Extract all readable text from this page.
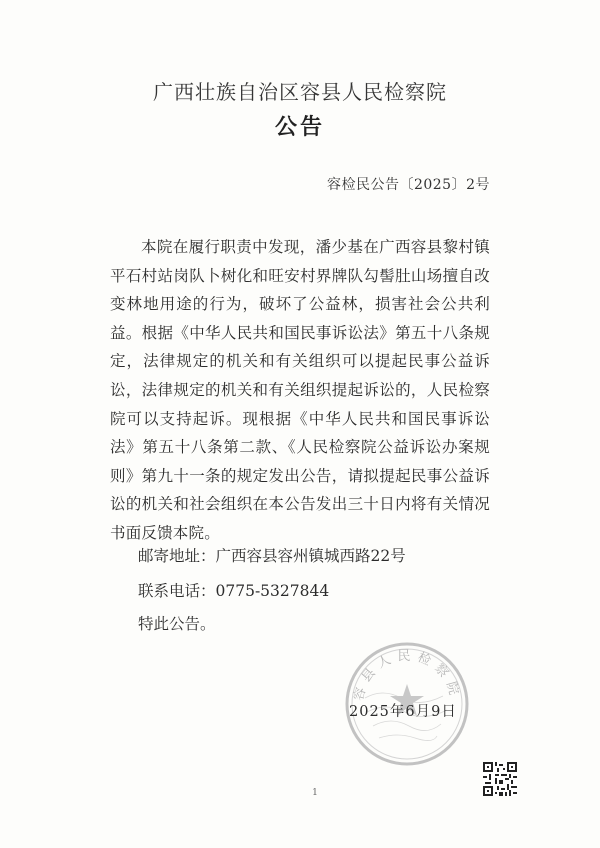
广西壮族自治区容县人民检察院
公告
容检民公告〔2025〕2号
本院在履行职责中发现，潘少基在广西容县黎村镇平石村站岗队卜树化和旺安村界牌队勾髻肚山场擅自改变林地用途的行为，破坏了公益林，损害社会公共利益。根据《中华人民共和国民事诉讼法》第五十八条规定，法律规定的机关和有关组织可以提起民事公益诉讼，法律规定的机关和有关组织提起诉讼的，人民检察院可以支持起诉。现根据《中华人民共和国民事诉讼法》第五十八条第二款、《人民检察院公益诉讼办案规则》第九十一条的规定发出公告，请拟提起民事公益诉讼的机关和社会组织在本公告发出三十日内将有关情况书面反馈本院。
邮寄地址：广西容县容州镇城西路22号
联系电话：0775-5327844
特此公告。
容县人民检察院
2025年6月9日
1
